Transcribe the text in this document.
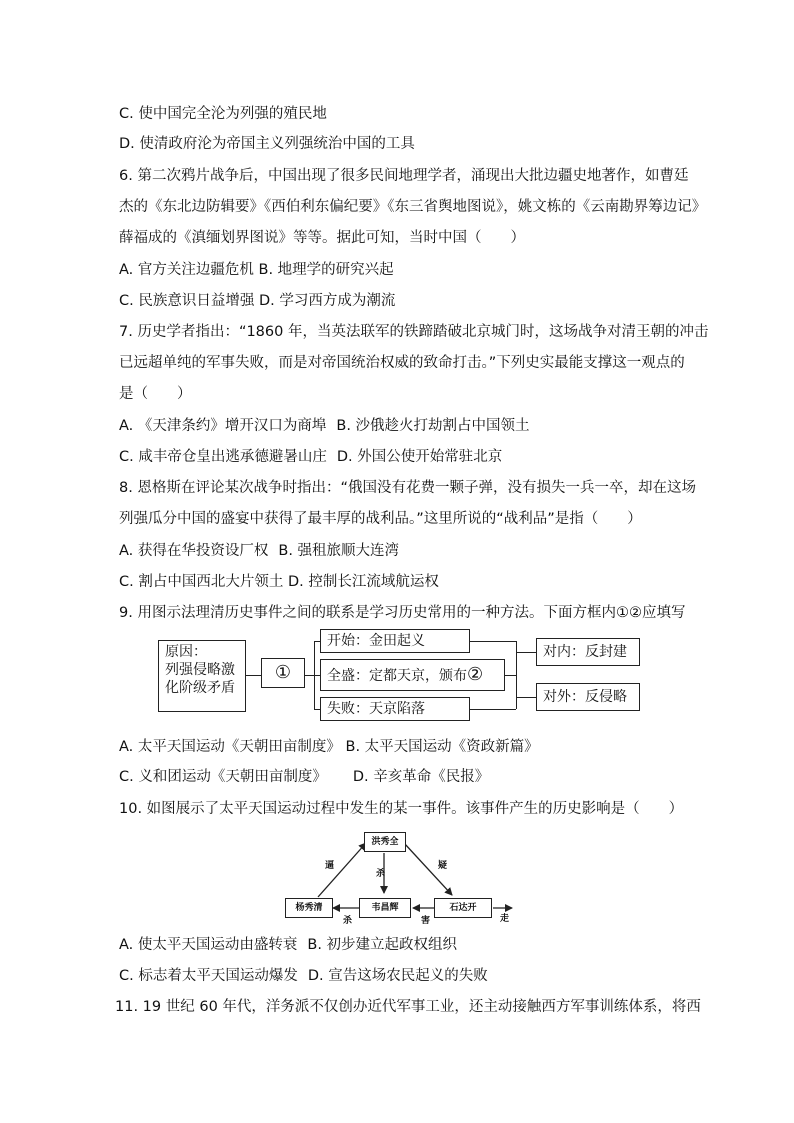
C. 使中国完全沦为列强的殖民地
D. 使清政府沦为帝国主义列强统治中国的工具
6. 第二次鸦片战争后，中国出现了很多民间地理学者，涌现出大批边疆史地著作，如曹廷
杰的《东北边防辑要》《西伯利东偏纪要》《东三省舆地图说》，姚文栋的《云南勘界筹边记》
薛福成的《滇缅划界图说》等等。据此可知，当时中国（　　）
A. 官方关注边疆危机 B. 地理学的研究兴起
C. 民族意识日益增强 D. 学习西方成为潮流
7. 历史学者指出：“1860 年，当英法联军的铁蹄踏破北京城门时，这场战争对清王朝的冲击
已远超单纯的军事失败，而是对帝国统治权威的致命打击。”下列史实最能支撑这一观点的
是（　　）
A. 《天津条约》增开汉口为商埠 B. 沙俄趁火打劫割占中国领土
C. 咸丰帝仓皇出逃承德避暑山庄 D. 外国公使开始常驻北京
8. 恩格斯在评论某次战争时指出：“俄国没有花费一颗子弹，没有损失一兵一卒，却在这场
列强瓜分中国的盛宴中获得了最丰厚的战利品。”这里所说的“战利品”是指（　　）
A. 获得在华投资设厂权 B. 强租旅顺大连湾
C. 割占中国西北大片领土 D. 控制长江流域航运权
9. 用图示法理清历史事件之间的联系是学习历史常用的一种方法。下面方框内①②应填写
原因：
列强侵略激
化阶级矛盾
①
开始：金田起义
全盛：定都天京，颁布②
失败：天京陷落
对内：反封建
对外：反侵略
A. 太平天国运动《天朝田亩制度》 B. 太平天国运动《资政新篇》
C. 义和团运动《天朝田亩制度》 D. 辛亥革命《民报》
10. 如图展示了太平天国运动过程中发生的某一事件。该事件产生的历史影响是（　　）
洪秀全
杨秀清	韦昌辉	石达开
逼
杀
疑
杀	害	走
A. 使太平天国运动由盛转衰 B. 初步建立起政权组织
C. 标志着太平天国运动爆发 D. 宣告这场农民起义的失败
11. 19 世纪 60 年代，洋务派不仅创办近代军事工业，还主动接触西方军事训练体系，将西
